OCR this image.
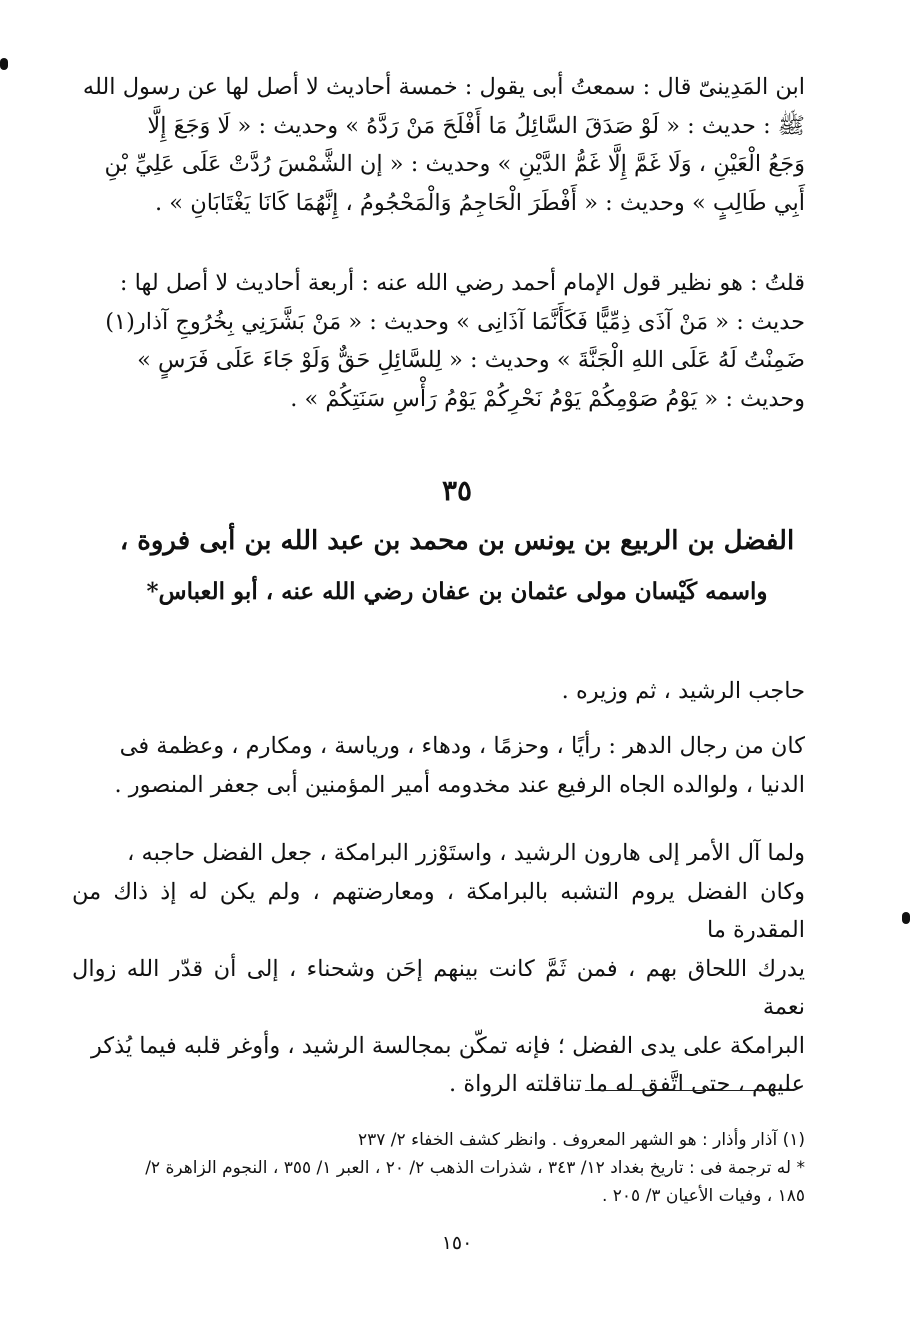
ابن المَدِينىّ قال : سمعتُ أبى يقول : خمسة أحاديث لا أصل لها عن رسول الله

ﷺ : حديث : « لَوْ صَدَقَ السَّائِلُ مَا أَفْلَحَ مَنْ رَدَّهُ » وحديث : « لَا وَجَعَ إِلَّا

وَجَعُ الْعَيْنِ ، وَلَا غَمَّ إِلَّا غَمُّ الدَّيْنِ » وحديث : « إن الشَّمْسَ رُدَّتْ عَلَى عَلِيِّ بْنِ

أَبِي طَالِبٍ » وحديث : « أَفْطَرَ الْحَاجِمُ وَالْمَحْجُومُ ، إِنَّهُمَا كَانَا يَغْتَابَانِ » .

قلتُ : هو نظير قول الإمام أحمد رضي الله عنه : أربعة أحاديث لا أصل لها :

حديث : « مَنْ آذَى ذِمِّيًّا فَكَأَنَّمَا آذَانِى » وحديث : « مَنْ بَشَّرَنِي بِخُرُوجِ آذار(١)

ضَمِنْتُ لَهُ عَلَى اللهِ الْجَنَّةَ » وحديث : « لِلسَّائِلِ حَقٌّ وَلَوْ جَاءَ عَلَى فَرَسٍ »

وحديث : « يَوْمُ صَوْمِكُمْ يَوْمُ نَحْرِكُمْ يَوْمُ رَأْسِ سَنَتِكُمْ » .

٣٥
الفضل بن الربيع بن يونس بن محمد بن عبد الله بن أبى فروة ،
واسمه كَيْسان مولى عثمان بن عفان رضي الله عنه ، أبو العباس*

حاجب الرشيد ، ثم وزيره .

كان من رجال الدهر : رأيًا ، وحزمًا ، ودهاء ، ورياسة ، ومكارم ، وعظمة فى

الدنيا ، ولوالده الجاه الرفيع عند مخدومه أمير المؤمنين أبى جعفر المنصور .

ولما آل الأمر إلى هارون الرشيد ، واستَوْزر البرامكة ، جعل الفضل حاجبه ،

وكان الفضل يروم التشبه بالبرامكة ، ومعارضتهم ، ولم يكن له إذ ذاك من المقدرة ما

يدرك اللحاق بهم ، فمن ثَمَّ كانت بينهم إحَن وشحناء ، إلى أن قدّر الله زوال نعمة

البرامكة على يدى الفضل ؛ فإنه تمكّن بمجالسة الرشيد ، وأوغر قلبه فيما يُذكر

عليهم ، حتى اتَّفق له ما تناقلته الرواة .

(١) آذار وأذار : هو الشهر المعروف . وانظر كشف الخفاء ٢/ ٢٣٧
* له ترجمة فى : تاريخ بغداد ١٢/ ٣٤٣ ، شذرات الذهب ٢/ ٢٠ ، العبر ١/ ٣٥٥ ، النجوم الزاهرة ٢/
١٨٥ ، وفيات الأعيان ٣/ ٢٠٥ .
١٥٠
